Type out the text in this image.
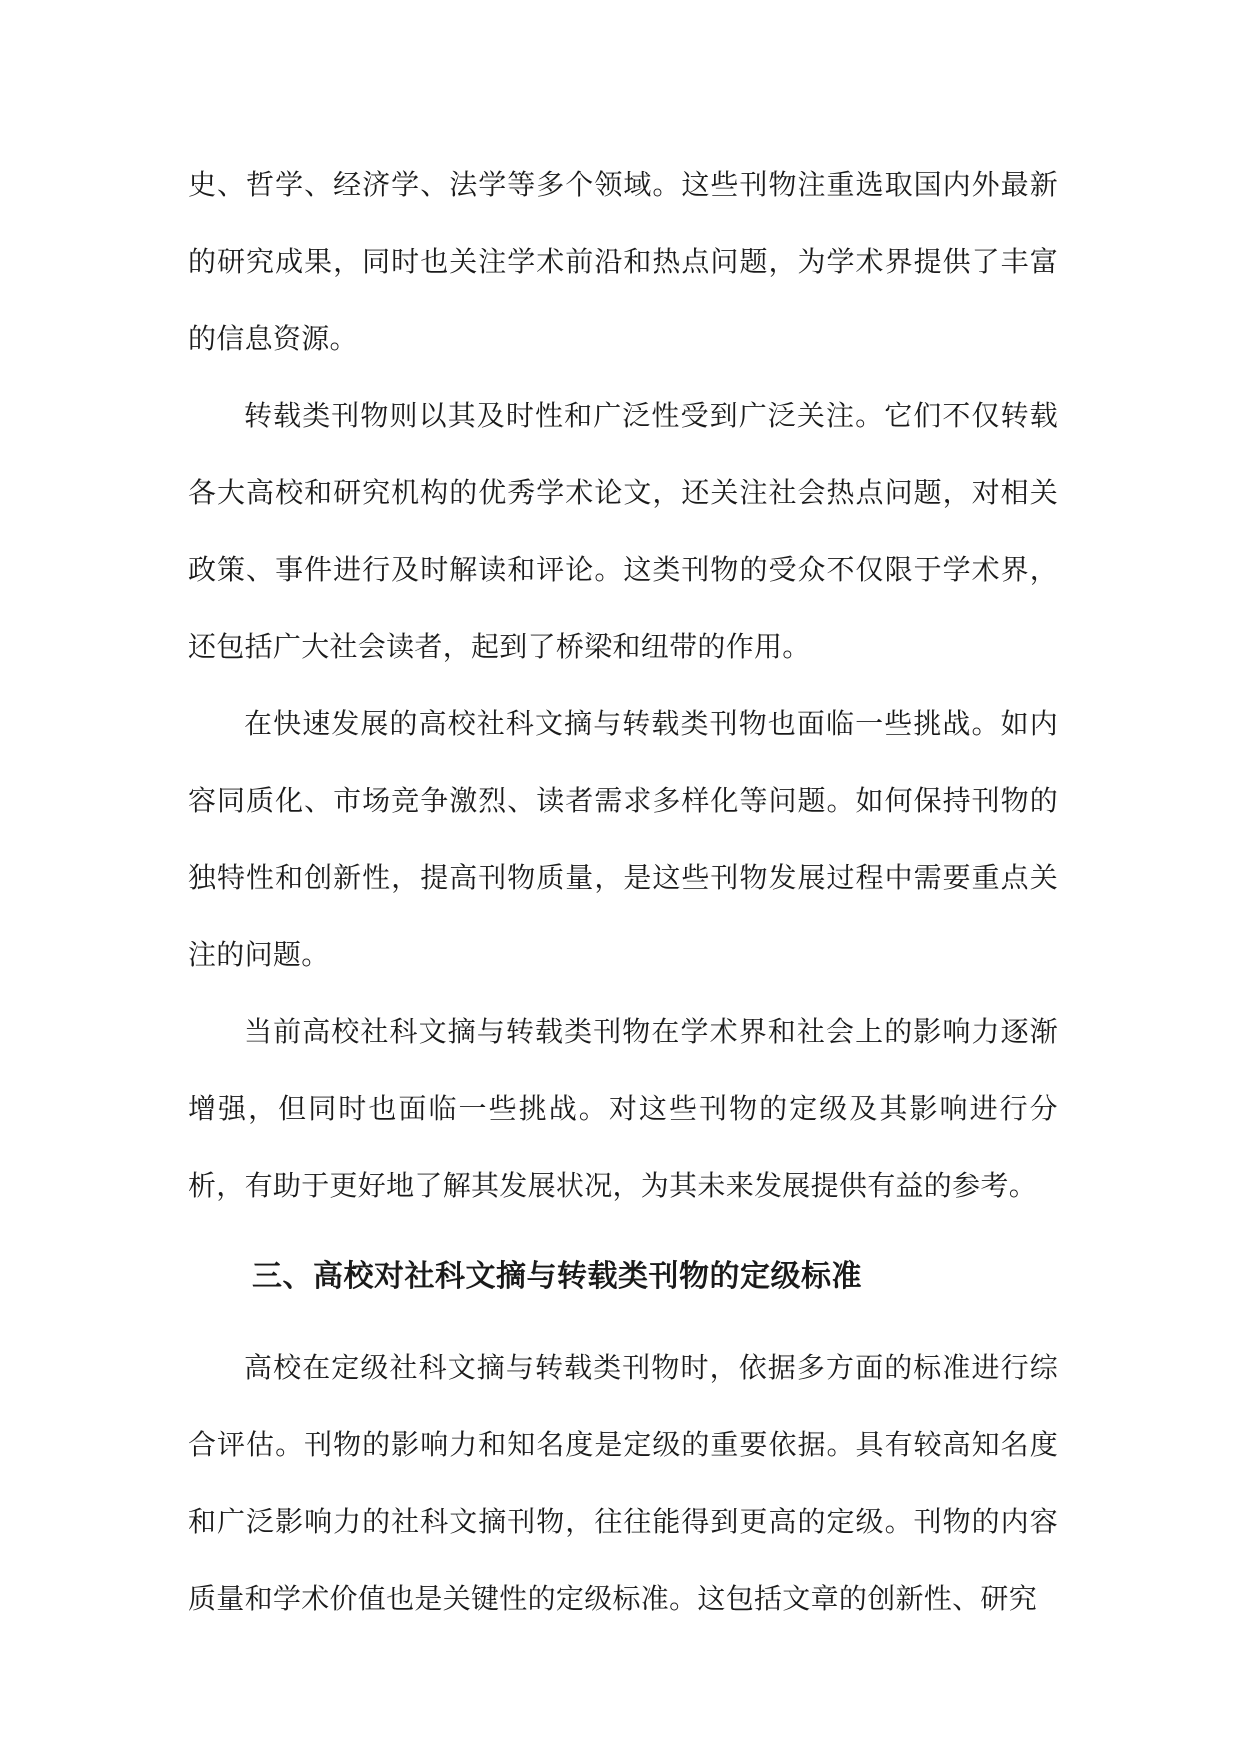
史、哲学、经济学、法学等多个领域。这些刊物注重选取国内外最新的研究成果，同时也关注学术前沿和热点问题，为学术界提供了丰富的信息资源。

转载类刊物则以其及时性和广泛性受到广泛关注。它们不仅转载各大高校和研究机构的优秀学术论文，还关注社会热点问题，对相关政策、事件进行及时解读和评论。这类刊物的受众不仅限于学术界，还包括广大社会读者，起到了桥梁和纽带的作用。

在快速发展的高校社科文摘与转载类刊物也面临一些挑战。如内容同质化、市场竞争激烈、读者需求多样化等问题。如何保持刊物的独特性和创新性，提高刊物质量，是这些刊物发展过程中需要重点关注的问题。

当前高校社科文摘与转载类刊物在学术界和社会上的影响力逐渐增强，但同时也面临一些挑战。对这些刊物的定级及其影响进行分析，有助于更好地了解其发展状况，为其未来发展提供有益的参考。

三、高校对社科文摘与转载类刊物的定级标准

高校在定级社科文摘与转载类刊物时，依据多方面的标准进行综合评估。刊物的影响力和知名度是定级的重要依据。具有较高知名度和广泛影响力的社科文摘刊物，往往能得到更高的定级。刊物的内容质量和学术价值也是关键性的定级标准。这包括文章的创新性、研究
